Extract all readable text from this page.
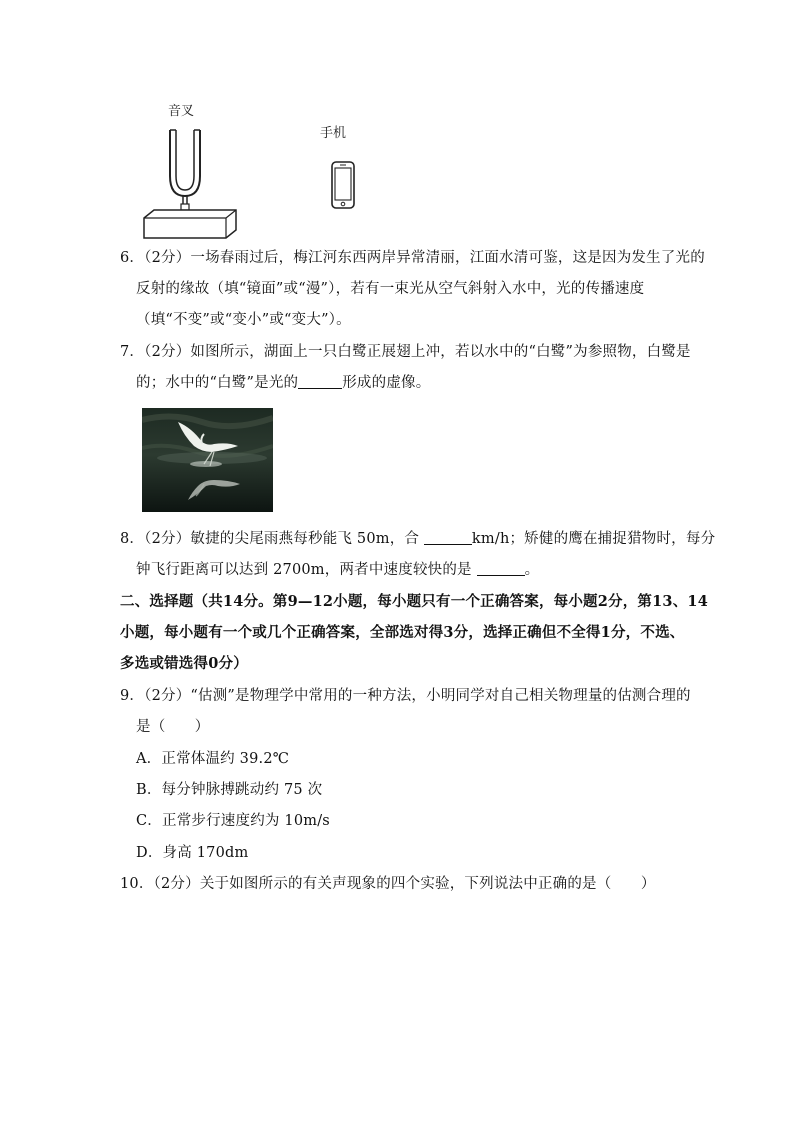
音叉
手机
6．（2分）一场春雨过后，梅江河东西两岸异常清丽，江面水清可鉴，这是因为发生了光的
反射的缘故（填“镜面”或“漫”），若有一束光从空气斜射入水中，光的传播速度
（填“不变”或“变小”或“变大”）。
7．（2分）如图所示，湖面上一只白鹭正展翅上冲，若以水中的“白鹭”为参照物，白鹭是
的；水中的“白鹭”是光的	形成的虚像。
8．（2分）敏捷的尖尾雨燕每秒能飞 50m，合	km/h；矫健的鹰在捕捉猎物时，每分
钟飞行距离可以达到 2700m，两者中速度较快的是	。
二、选择题（共14分。第9—12小题，每小题只有一个正确答案，每小题2分，第13、14
小题，每小题有一个或几个正确答案，全部选对得3分，选择正确但不全得1分，不选、
多选或错选得0分）
9．（2分）“估测”是物理学中常用的一种方法，小明同学对自己相关物理量的估测合理的
是（　　）
A．正常体温约 39.2℃
B．每分钟脉搏跳动约 75 次
C．正常步行速度约为 10m/s
D．身高 170dm
10．（2分）关于如图所示的有关声现象的四个实验，下列说法中正确的是（　　）
